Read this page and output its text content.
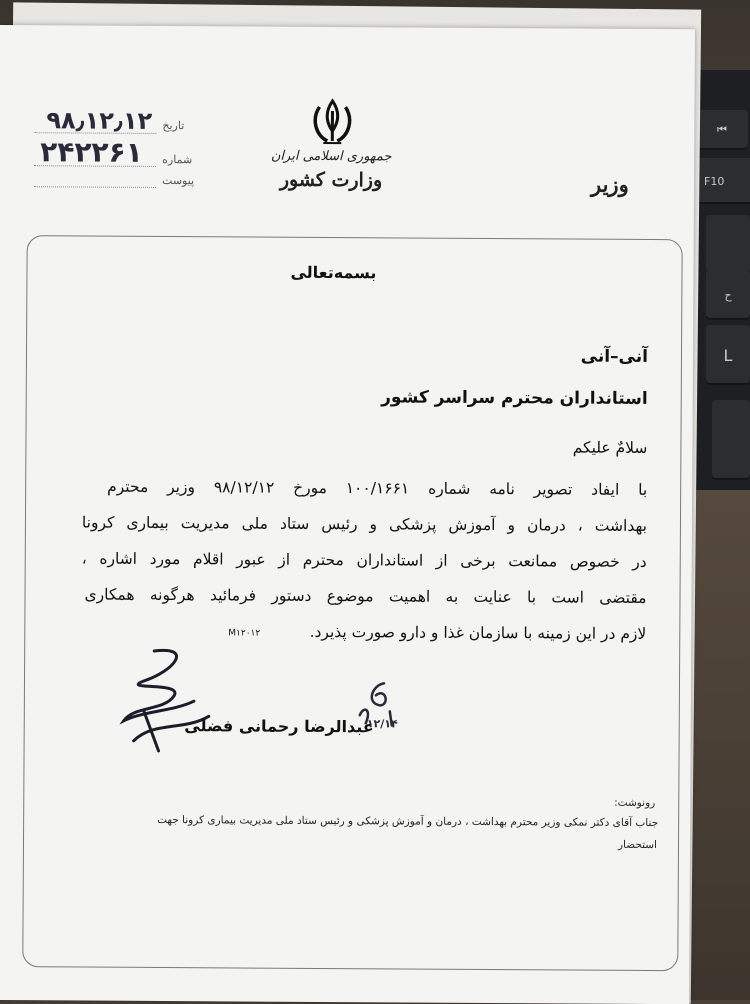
⏮
F10
ح
L
۹۸٫۱۲٫۱۲
۲۴۲۲۶۱
تاریخ
شماره
پیوست
جمهوری اسلامی ایران
وزارت کشور	وزیر
بسمه‌تعالی
آنی–آنی
استانداران محترم سراسر کشور
سلامٌ علیکم
با ایفاد تصویر نامه شماره ۱۰۰/۱۶۶۱ مورخ ۹۸/۱۲/۱۲ وزیر محترم
بهداشت ، درمان و آموزش پزشکی و رئیس ستاد ملی مدیریت بیماری کرونا
در خصوص ممانعت برخی از استانداران محترم از عبور اقلام مورد اشاره ،
مقتضی است با عنایت به اهمیت موضوع دستور فرمائید هرگونه همکاری
لازم در این زمینه با سازمان غذا و دارو صورت پذیرد.
M۱۲۰۱۲
۱۲/۱۴
عبدالرضا رحمانی فضلی
رونوشت:
جناب آقای دکتر نمکی وزیر محترم بهداشت ، درمان و آموزش پزشکی و رئیس ستاد ملی مدیریت بیماری کرونا جهت
استحضار
